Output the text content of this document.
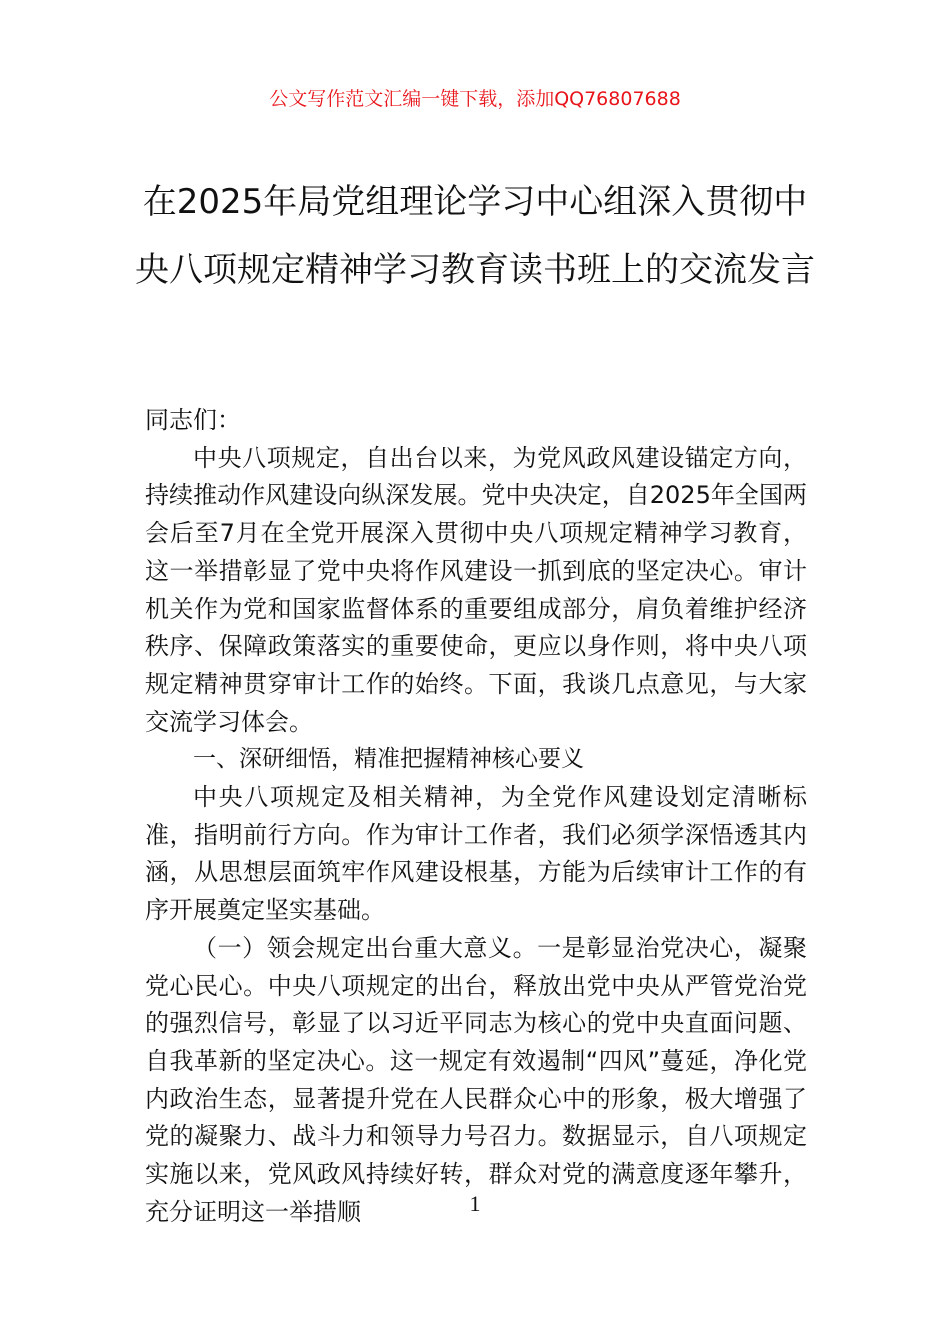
公文写作范文汇编一键下载，添加QQ76807688
在2025年局党组理论学习中心组深入贯彻中央八项规定精神学习教育读书班上的交流发言

同志们：

中央八项规定，自出台以来，为党风政风建设锚定方向，持续推动作风建设向纵深发展。党中央决定，自2025年全国两会后至7月在全党开展深入贯彻中央八项规定精神学习教育，这一举措彰显了党中央将作风建设一抓到底的坚定决心。审计机关作为党和国家监督体系的重要组成部分，肩负着维护经济秩序、保障政策落实的重要使命，更应以身作则，将中央八项规定精神贯穿审计工作的始终。下面，我谈几点意见，与大家交流学习体会。

一、深研细悟，精准把握精神核心要义

中央八项规定及相关精神，为全党作风建设划定清晰标准，指明前行方向。作为审计工作者，我们必须学深悟透其内涵，从思想层面筑牢作风建设根基，方能为后续审计工作的有序开展奠定坚实基础。

（一）领会规定出台重大意义。一是彰显治党决心，凝聚党心民心。中央八项规定的出台，释放出党中央从严管党治党的强烈信号，彰显了以习近平同志为核心的党中央直面问题、自我革新的坚定决心。这一规定有效遏制“四风”蔓延，净化党内政治生态，显著提升党在人民群众心中的形象，极大增强了党的凝聚力、战斗力和领导力号召力。数据显示，自八项规定实施以来，党风政风持续好转，群众对党的满意度逐年攀升，充分证明这一举措顺	1
